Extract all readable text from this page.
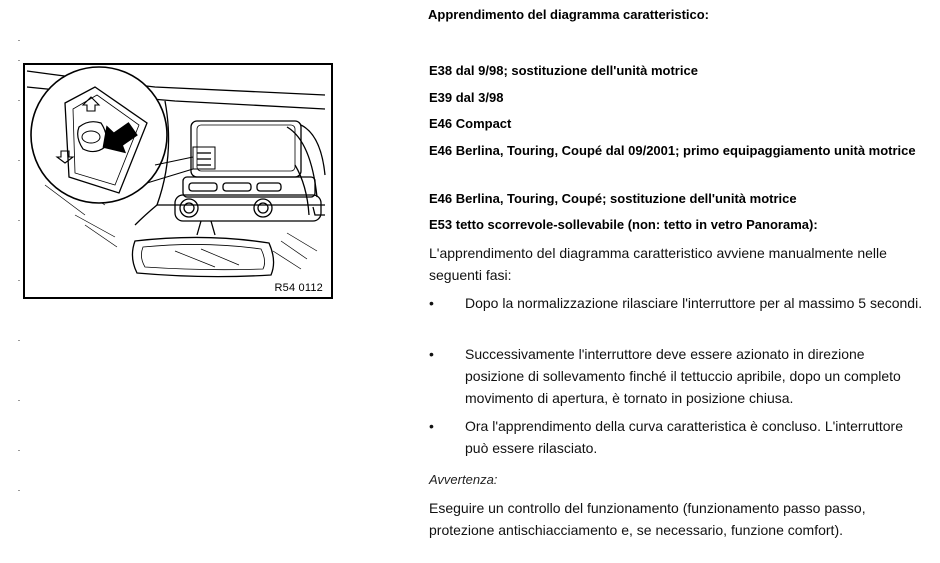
R54 0112
Apprendimento del diagramma caratteristico:
E38 dal 9/98; sostituzione dell'unità motrice
E39 dal 3/98
E46 Compact
E46 Berlina, Touring, Coupé dal 09/2001; primo equipaggiamento unità motrice
E46 Berlina, Touring, Coupé; sostituzione dell'unità motrice
E53 tetto scorrevole-sollevabile (non: tetto in vetro Panorama):
L'apprendimento del diagramma caratteristico avviene manualmente nelle seguenti fasi:
•	Dopo la normalizzazione rilasciare l'interruttore per al massimo 5 secondi.
•	Successivamente l'interruttore deve essere azionato in direzione posizione di sollevamento finché il tettuccio apribile, dopo un completo movimento di apertura, è tornato in posizione chiusa.
•	Ora l'apprendimento della curva caratteristica è concluso. L'interruttore può essere rilasciato.
Avvertenza:
Eseguire un controllo del funzionamento (funzionamento passo passo, protezione antischiacciamento e, se necessario, funzione comfort).
